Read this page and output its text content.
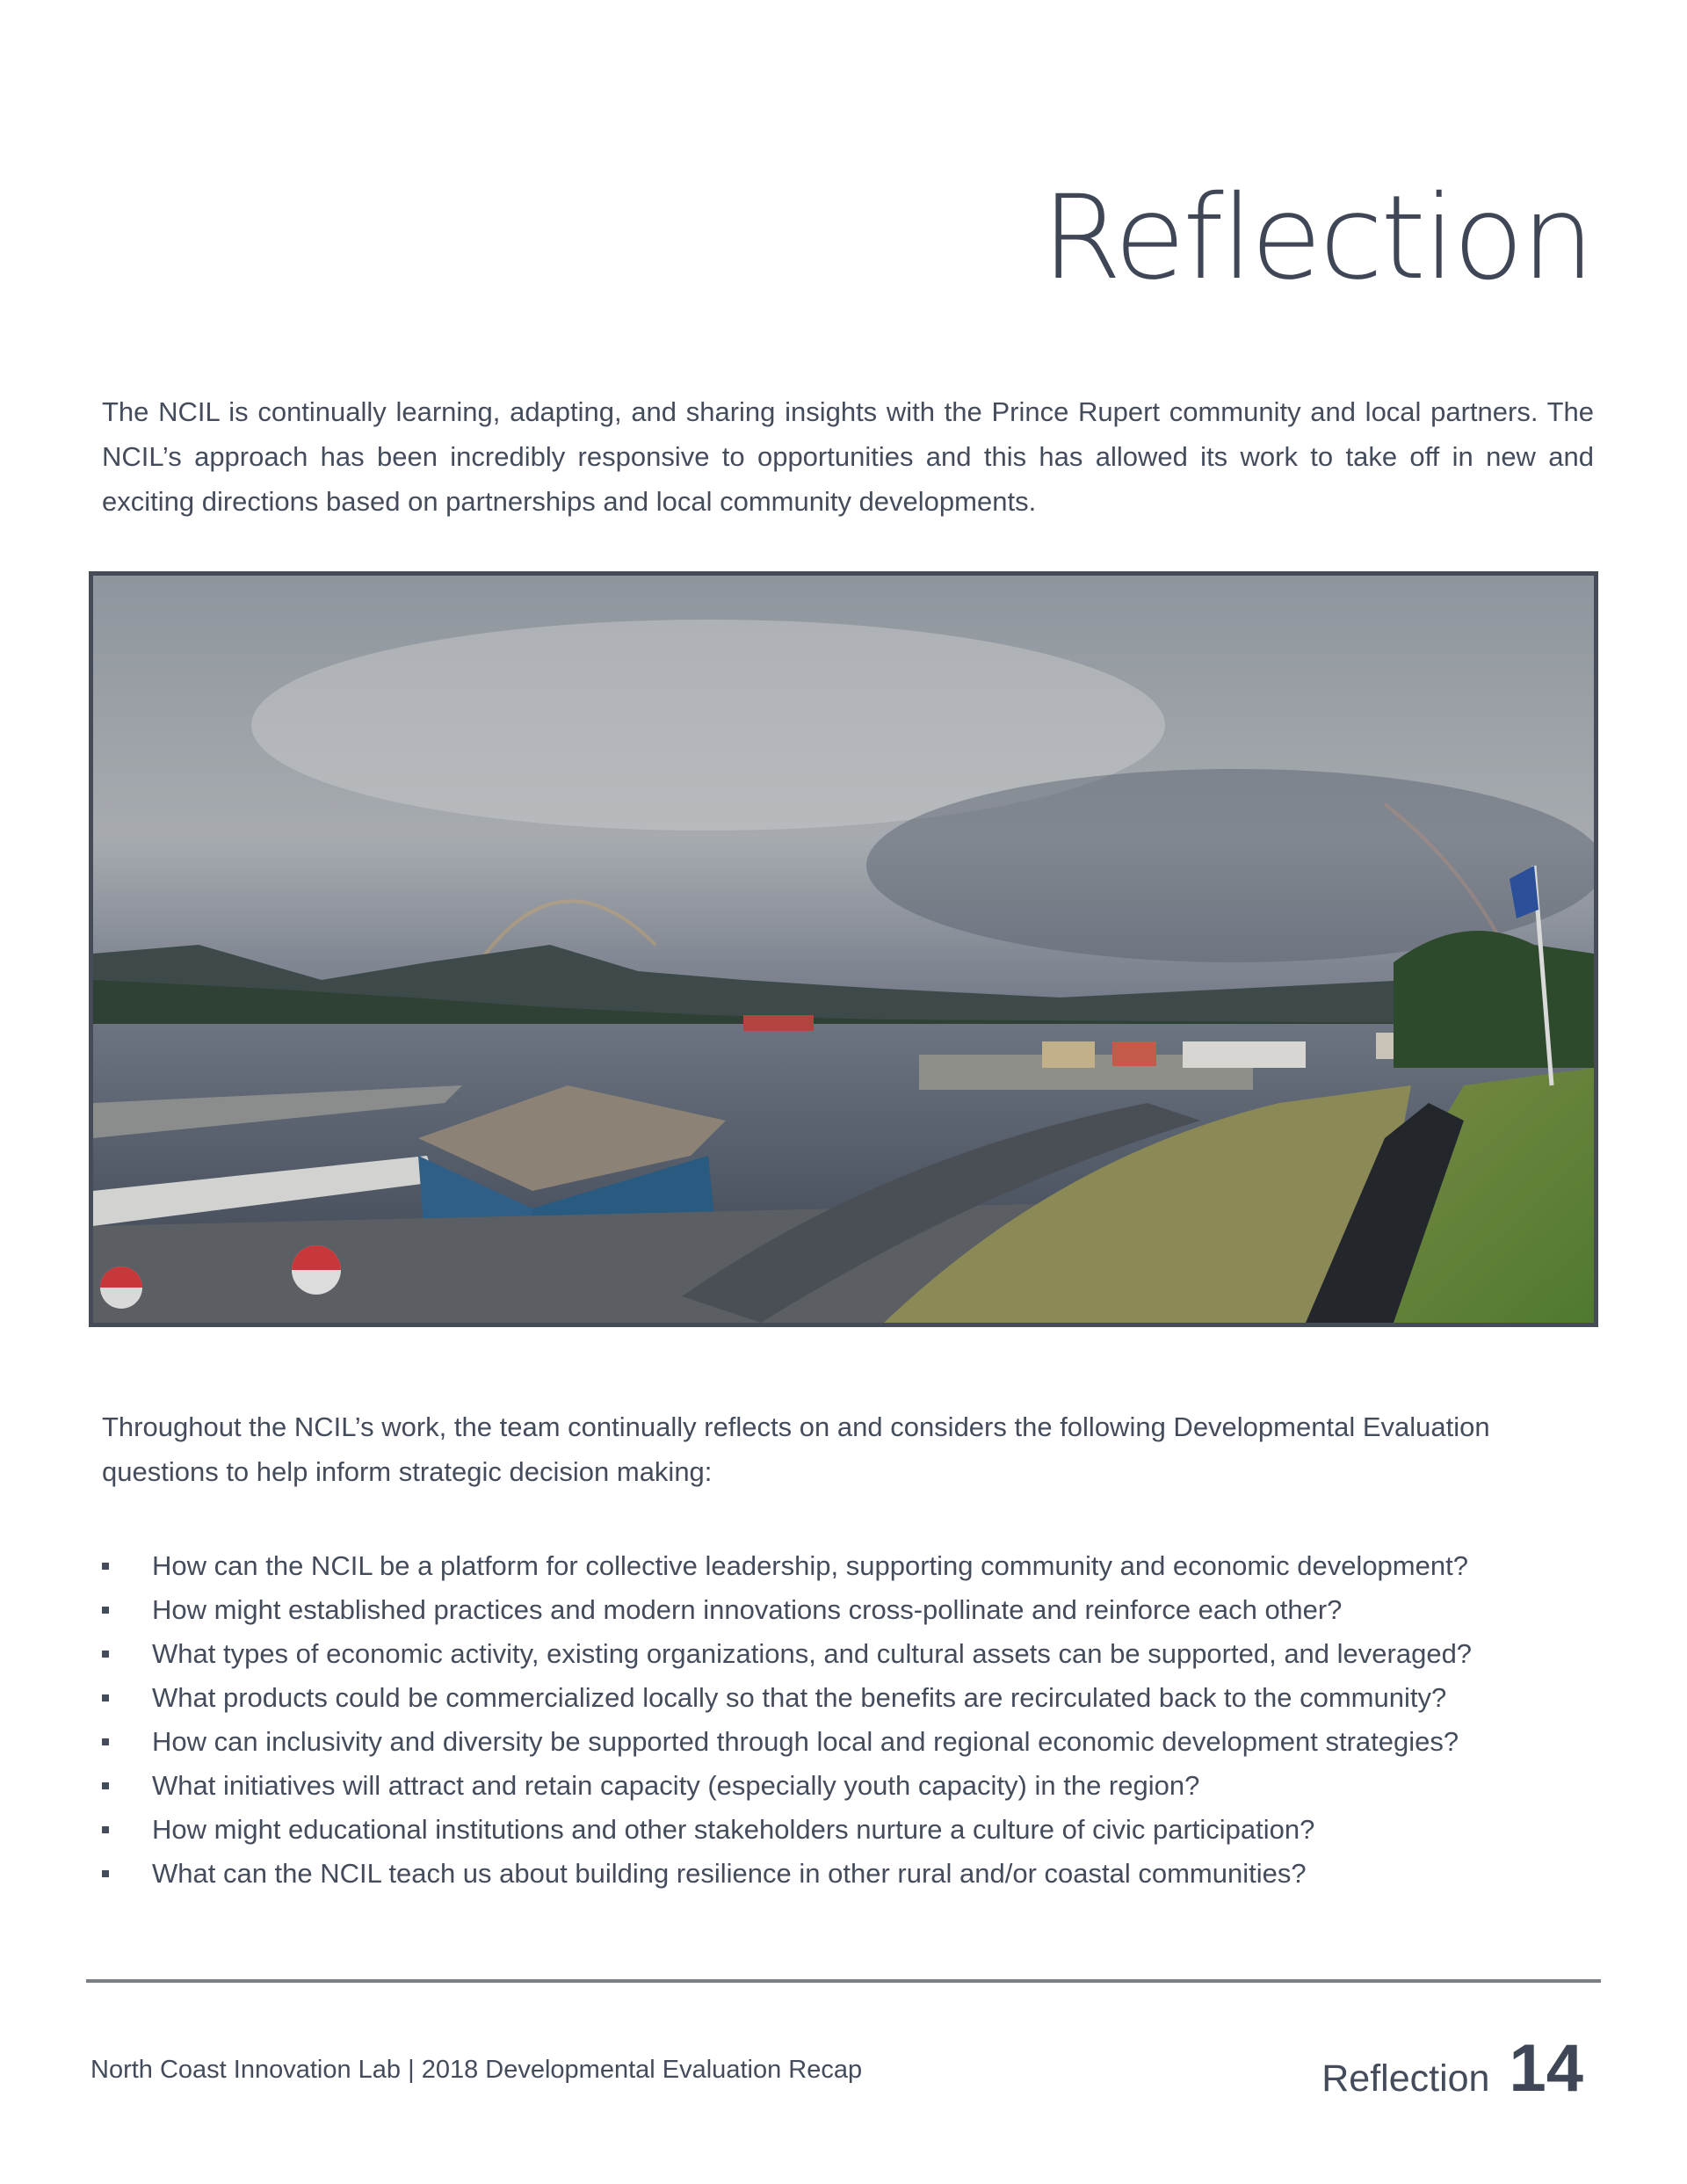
Reflection

The NCIL is continually learning, adapting, and sharing insights with the Prince Rupert community and local partners. The NCIL’s approach has been incredibly responsive to opportunities and this has allowed its work to take off in new and exciting directions based on partnerships and local community developments.

Throughout the NCIL’s work, the team continually reflects on and considers the following Developmental Evaluation questions to help inform strategic decision making:

How can the NCIL be a platform for collective leadership, supporting community and economic development?
How might established practices and modern innovations cross-pollinate and reinforce each other?
What types of economic activity, existing organizations, and cultural assets can be supported, and leveraged?
What products could be commercialized locally so that the benefits are recirculated back to the community?
How can inclusivity and diversity be supported through local and regional economic development strategies?
What initiatives will attract and retain capacity (especially youth capacity) in the region?
How might educational institutions and other stakeholders nurture a culture of civic participation?
What can the NCIL teach us about building resilience in other rural and/or coastal communities?
North Coast Innovation Lab | 2018 Developmental Evaluation Recap	Reflection 14
